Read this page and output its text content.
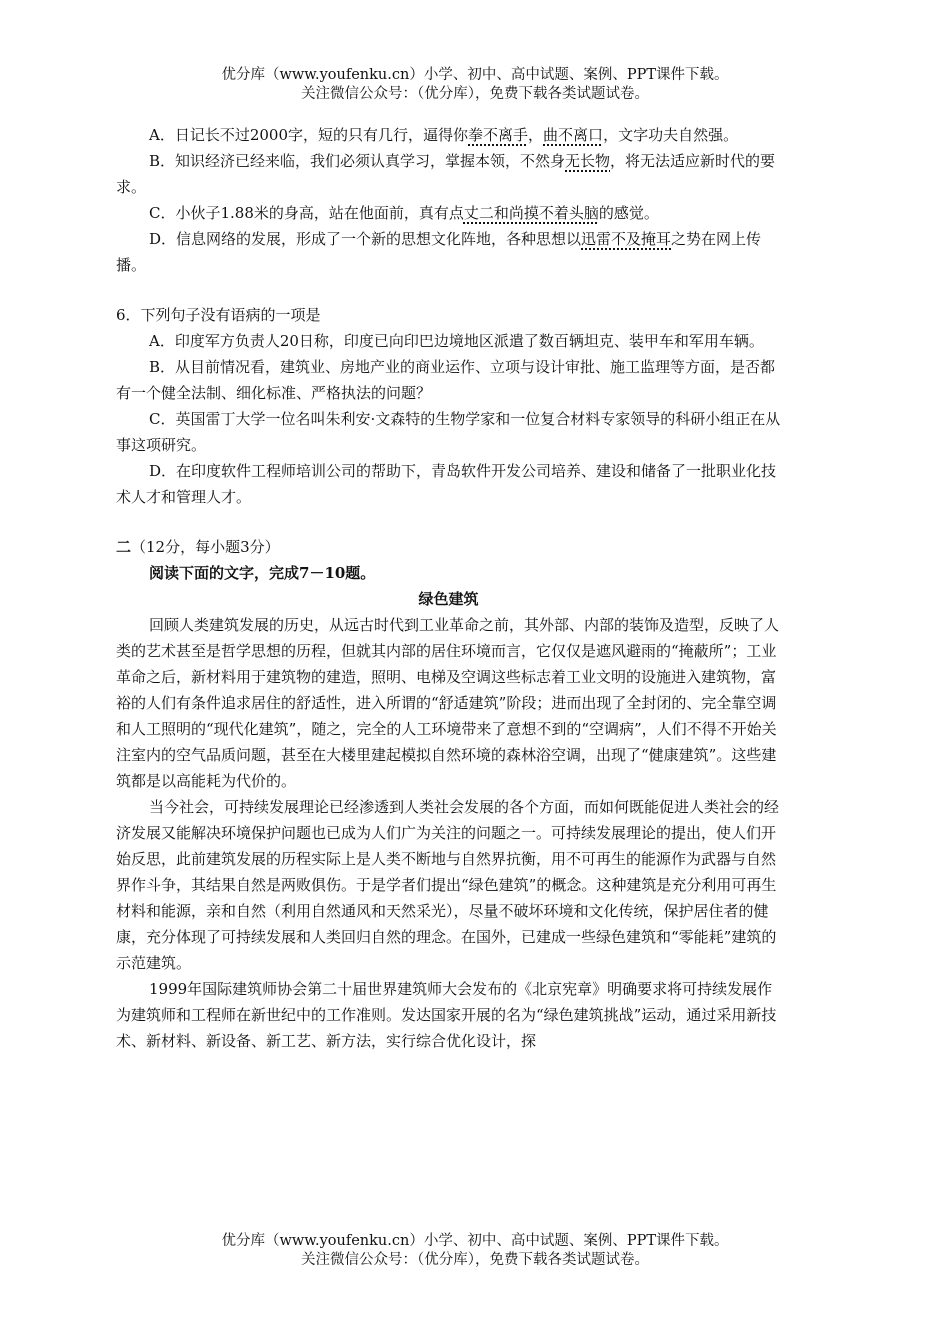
优分库（www.youfenku.cn）小学、初中、高中试题、案例、PPT课件下载。
关注微信公众号：（优分库），免费下载各类试题试卷。

A．日记长不过2000字，短的只有几行，逼得你拳不离手，曲不离口，文字功夫自然强。

B．知识经济已经来临，我们必须认真学习，掌握本领，不然身无长物，将无法适应新时代的要求。

C．小伙子1.88米的身高，站在他面前，真有点丈二和尚摸不着头脑的感觉。

D．信息网络的发展，形成了一个新的思想文化阵地，各种思想以迅雷不及掩耳之势在网上传播。

6．下列句子没有语病的一项是

A．印度军方负责人20日称，印度已向印巴边境地区派遣了数百辆坦克、装甲车和军用车辆。

B．从目前情况看，建筑业、房地产业的商业运作、立项与设计审批、施工监理等方面，是否都有一个健全法制、细化标准、严格执法的问题？

C．英国雷丁大学一位名叫朱利安·文森特的生物学家和一位复合材料专家领导的科研小组正在从事这项研究。

D．在印度软件工程师培训公司的帮助下，青岛软件开发公司培养、建设和储备了一批职业化技术人才和管理人才。

二（12分，每小题3分）

阅读下面的文字，完成7－10题。

绿色建筑

回顾人类建筑发展的历史，从远古时代到工业革命之前，其外部、内部的装饰及造型，反映了人类的艺术甚至是哲学思想的历程，但就其内部的居住环境而言，它仅仅是遮风避雨的“掩蔽所”；工业革命之后，新材料用于建筑物的建造，照明、电梯及空调这些标志着工业文明的设施进入建筑物，富裕的人们有条件追求居住的舒适性，进入所谓的“舒适建筑”阶段；进而出现了全封闭的、完全靠空调和人工照明的“现代化建筑”，随之，完全的人工环境带来了意想不到的“空调病”，人们不得不开始关注室内的空气品质问题，甚至在大楼里建起模拟自然环境的森林浴空调，出现了“健康建筑”。这些建筑都是以高能耗为代价的。

当今社会，可持续发展理论已经渗透到人类社会发展的各个方面，而如何既能促进人类社会的经济发展又能解决环境保护问题也已成为人们广为关注的问题之一。可持续发展理论的提出，使人们开始反思，此前建筑发展的历程实际上是人类不断地与自然界抗衡，用不可再生的能源作为武器与自然界作斗争，其结果自然是两败俱伤。于是学者们提出“绿色建筑”的概念。这种建筑是充分利用可再生材料和能源，亲和自然（利用自然通风和天然采光），尽量不破坏环境和文化传统，保护居住者的健康，充分体现了可持续发展和人类回归自然的理念。在国外，已建成一些绿色建筑和“零能耗”建筑的示范建筑。

1999年国际建筑师协会第二十届世界建筑师大会发布的《北京宪章》明确要求将可持续发展作为建筑师和工程师在新世纪中的工作准则。发达国家开展的名为“绿色建筑挑战”运动，通过采用新技术、新材料、新设备、新工艺、新方法，实行综合优化设计，探

优分库（www.youfenku.cn）小学、初中、高中试题、案例、PPT课件下载。
关注微信公众号：（优分库），免费下载各类试题试卷。
